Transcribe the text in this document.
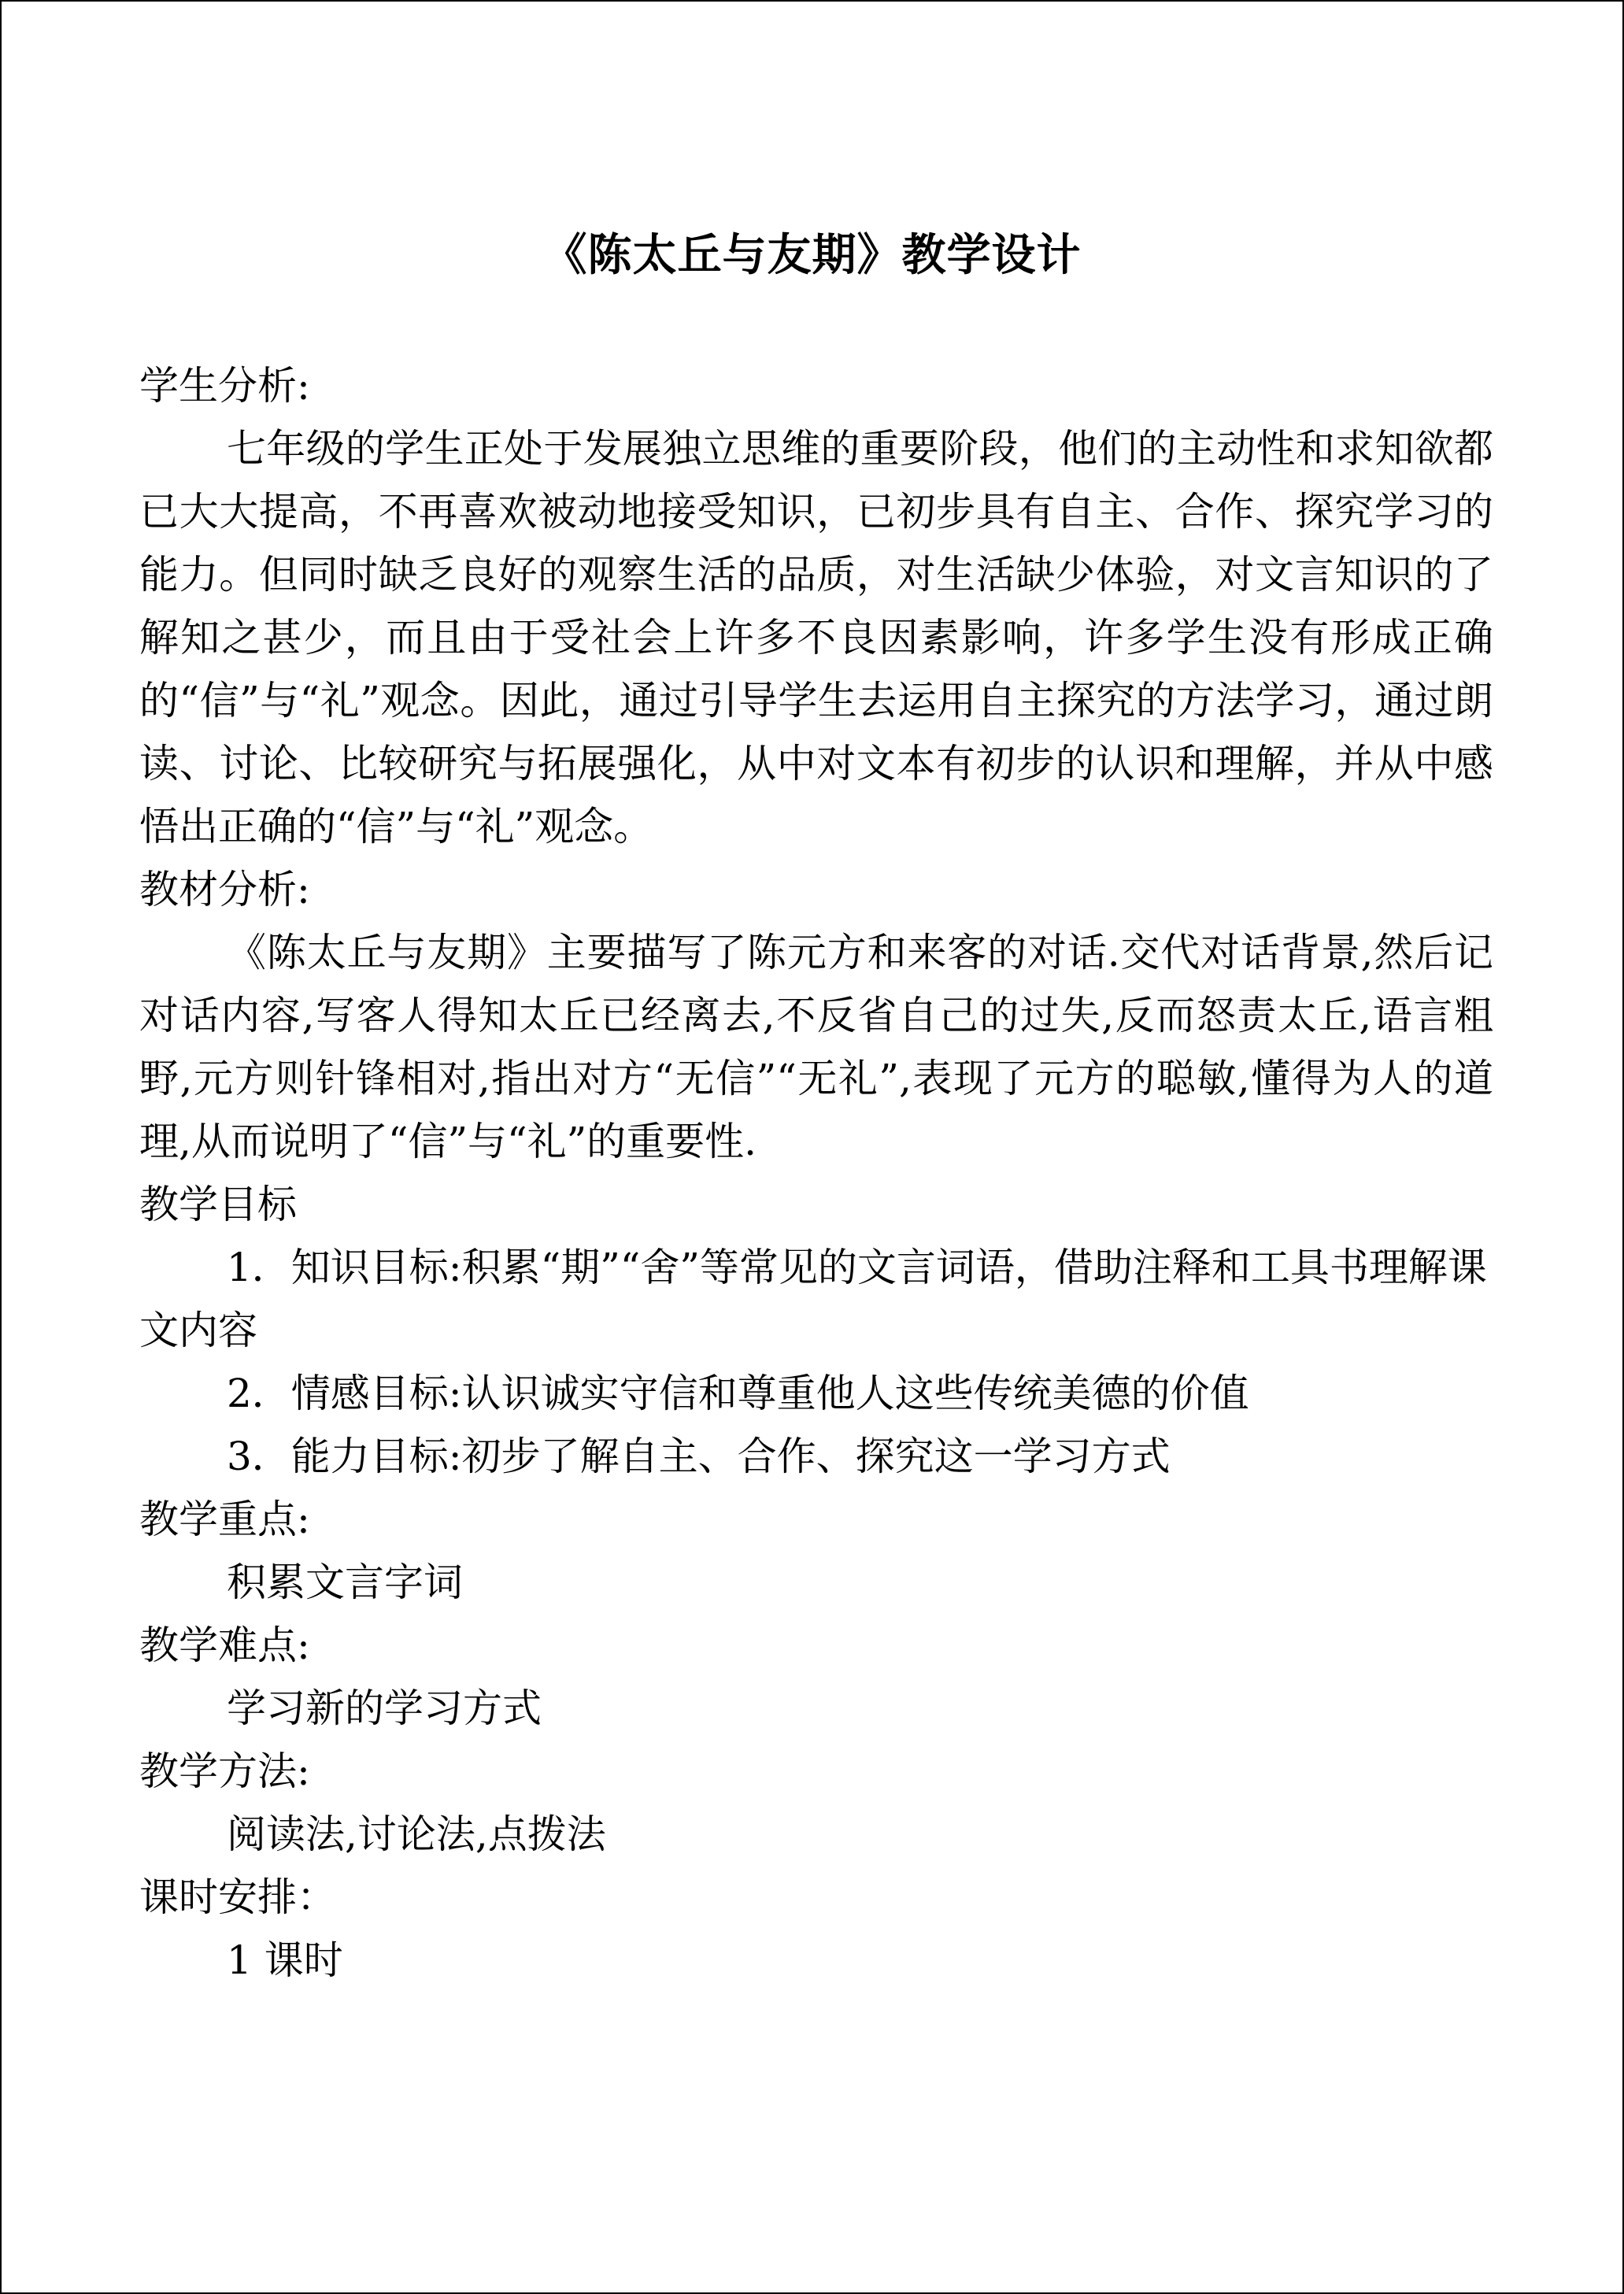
《陈太丘与友期》教学设计

学生分析:

七年级的学生正处于发展独立思维的重要阶段，他们的主动性和求知欲都已大大提高，不再喜欢被动地接受知识，已初步具有自主、合作、探究学习的能力。但同时缺乏良好的观察生活的品质，对生活缺少体验，对文言知识的了解知之甚少，而且由于受社会上许多不良因素影响，许多学生没有形成正确的“信”与“礼”观念。因此，通过引导学生去运用自主探究的方法学习，通过朗读、讨论、比较研究与拓展强化，从中对文本有初步的认识和理解，并从中感悟出正确的“信”与“礼”观念。

教材分析:

《陈太丘与友期》主要描写了陈元方和来客的对话.交代对话背景,然后记对话内容,写客人得知太丘已经离去,不反省自己的过失,反而怒责太丘,语言粗野,元方则针锋相对,指出对方“无信”“无礼”,表现了元方的聪敏,懂得为人的道理,从而说明了“信”与“礼”的重要性.

教学目标

1．知识目标:积累“期”“舍”等常见的文言词语，借助注释和工具书理解课文内容

2．情感目标:认识诚实守信和尊重他人这些传统美德的价值

3．能力目标:初步了解自主、合作、探究这一学习方式

教学重点:

积累文言字词

教学难点:

学习新的学习方式

教学方法:

阅读法,讨论法,点拨法

课时安排：

1 课时
